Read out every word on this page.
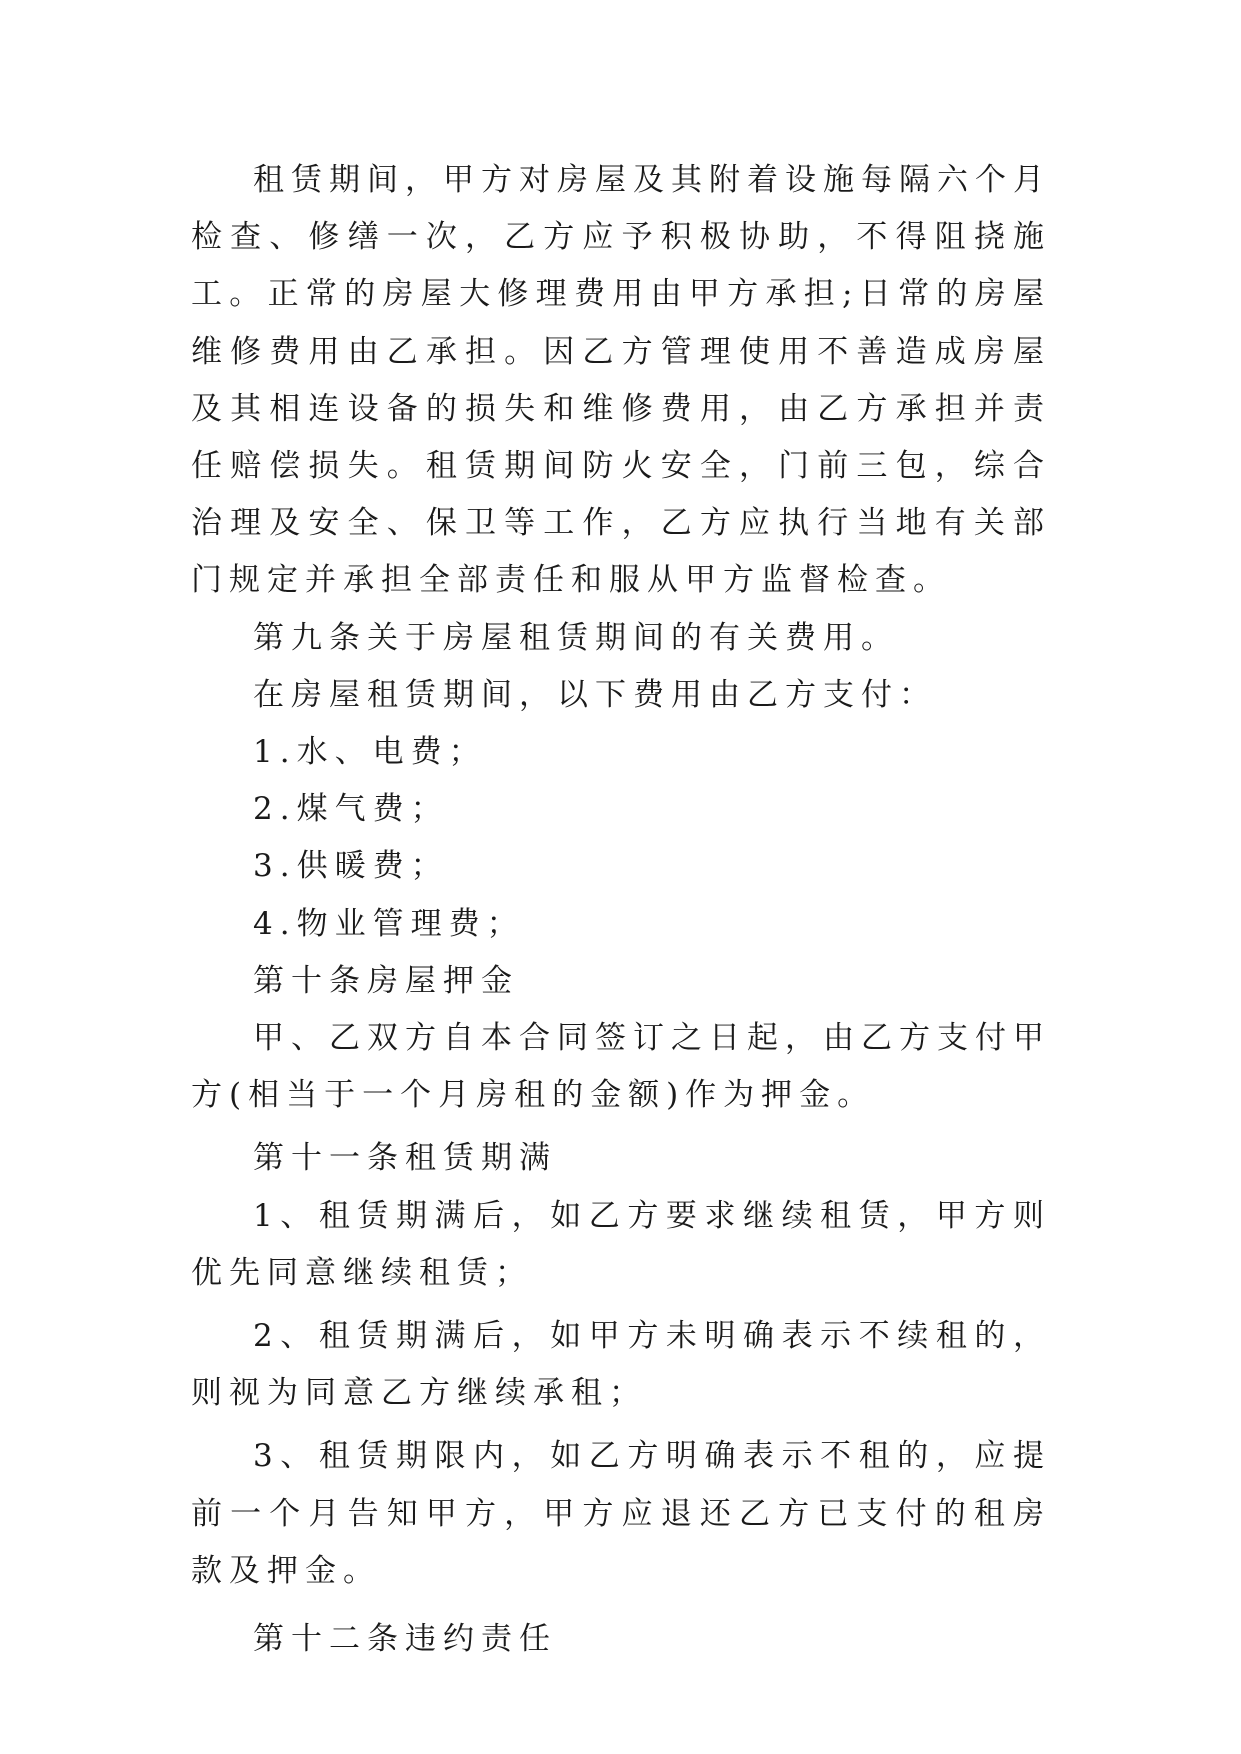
租赁期间，甲方对房屋及其附着设施每隔六个月检查、修缮一次，乙方应予积极协助，不得阻挠施工。正常的房屋大修理费用由甲方承担;日常的房屋维修费用由乙承担。因乙方管理使用不善造成房屋及其相连设备的损失和维修费用，由乙方承担并责任赔偿损失。租赁期间防火安全，门前三包，综合治理及安全、保卫等工作，乙方应执行当地有关部门规定并承担全部责任和服从甲方监督检查。

第九条关于房屋租赁期间的有关费用。

在房屋租赁期间，以下费用由乙方支付：

1.水、电费；

2.煤气费；

3.供暖费；

4.物业管理费；

第十条房屋押金

甲、乙双方自本合同签订之日起，由乙方支付甲方(相当于一个月房租的金额)作为押金。

第十一条租赁期满

1、租赁期满后，如乙方要求继续租赁，甲方则优先同意继续租赁；

2、租赁期满后，如甲方未明确表示不续租的，则视为同意乙方继续承租；

3、租赁期限内，如乙方明确表示不租的，应提前一个月告知甲方，甲方应退还乙方已支付的租房款及押金。

第十二条违约责任
